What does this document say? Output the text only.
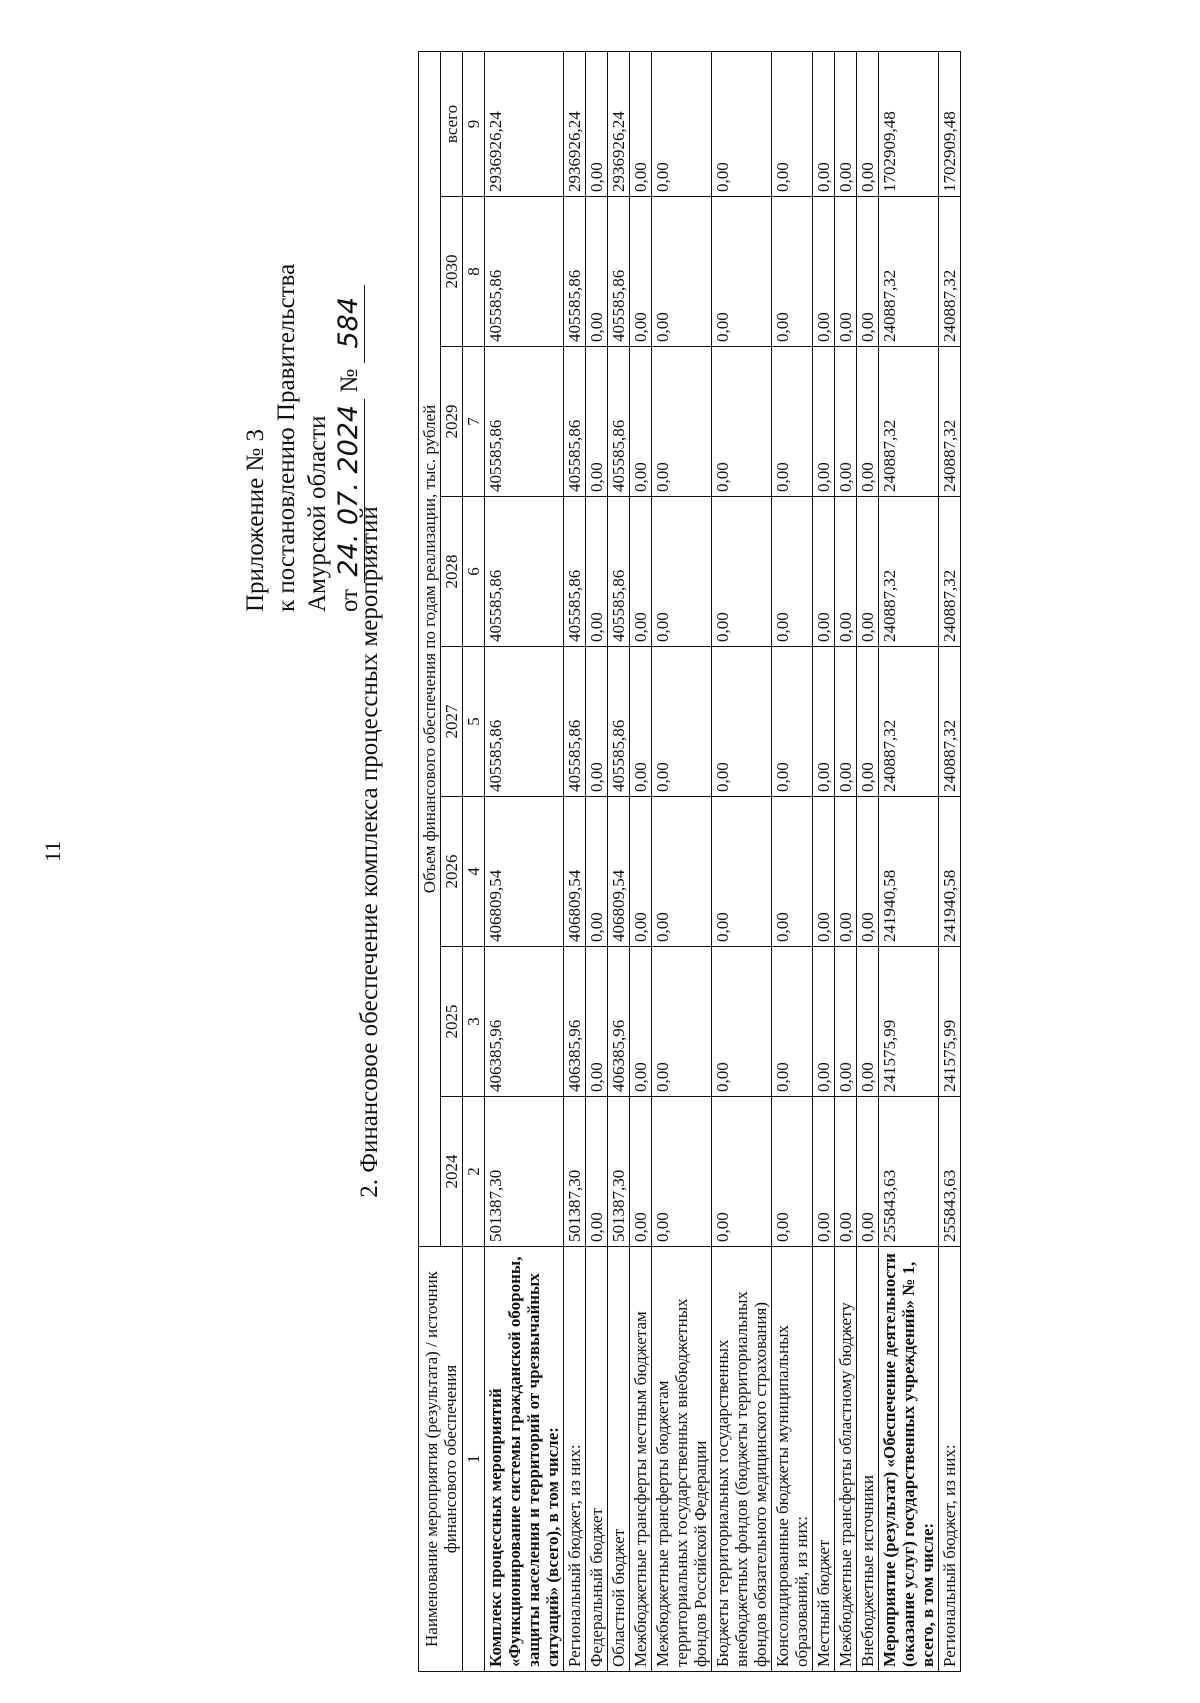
11
Приложение № 3 к постановлению Правительства Амурской области от 24. 07. 2024 № 584
2. Финансовое обеспечение комплекса процессных мероприятий
Наименование мероприятия (результата) / источник финансового обеспечения	Объем финансового обеспечения по годам реализации, тыс. рублей							
	2024	2025	2026	2027	2028	2029	2030	всего
1	2	3	4	5	6	7	8	9
Комплекс процессных мероприятий «Функционирование системы гражданской обороны, защиты населения и территорий от чрезвычайных ситуаций» (всего), в том числе:	501387,30	406385,96	406809,54	405585,86	405585,86	405585,86	405585,86	2936926,24
Региональный бюджет, из них:	501387,30	406385,96	406809,54	405585,86	405585,86	405585,86	405585,86	2936926,24
Федеральный бюджет	0,00	0,00	0,00	0,00	0,00	0,00	0,00	0,00
Областной бюджет	501387,30	406385,96	406809,54	405585,86	405585,86	405585,86	405585,86	2936926,24
Межбюджетные трансферты местным бюджетам	0,00	0,00	0,00	0,00	0,00	0,00	0,00	0,00
Межбюджетные трансферты бюджетам территориальных государственных внебюджетных фондов Российской Федерации	0,00	0,00	0,00	0,00	0,00	0,00	0,00	0,00
Бюджеты территориальных государственных внебюджетных фондов (бюджеты территориальных фондов обязательного медицинского страхования)	0,00	0,00	0,00	0,00	0,00	0,00	0,00	0,00
Консолидированные бюджеты муниципальных образований, из них:	0,00	0,00	0,00	0,00	0,00	0,00	0,00	0,00
Местный бюджет	0,00	0,00	0,00	0,00	0,00	0,00	0,00	0,00
Межбюджетные трансферты областному бюджету	0,00	0,00	0,00	0,00	0,00	0,00	0,00	0,00
Внебюджетные источники	0,00	0,00	0,00	0,00	0,00	0,00	0,00	0,00
Мероприятие (результат) «Обеспечение деятельности (оказание услуг) государственных учреждений» № 1, всего, в том числе:	255843,63	241575,99	241940,58	240887,32	240887,32	240887,32	240887,32	1702909,48
Региональный бюджет, из них:	255843,63	241575,99	241940,58	240887,32	240887,32	240887,32	240887,32	1702909,48
